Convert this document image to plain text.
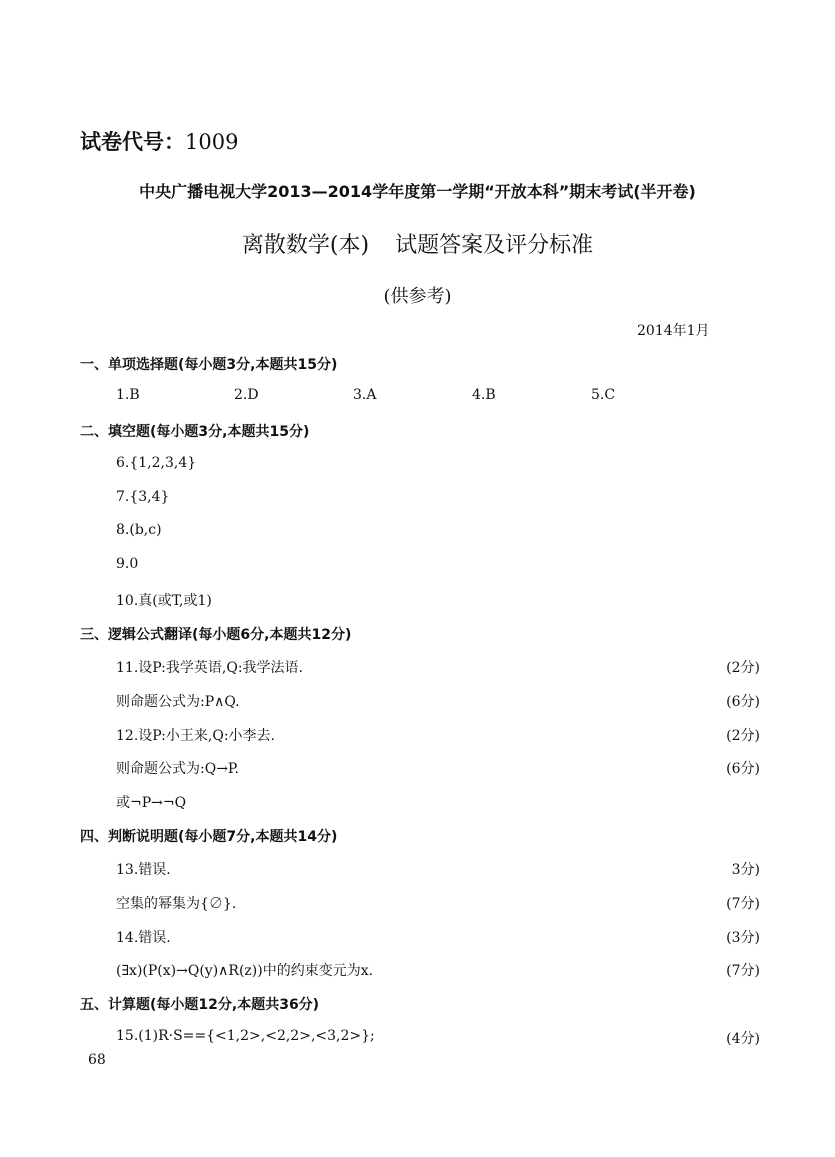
试卷代号：1009
中央广播电视大学2013—2014学年度第一学期“开放本科”期末考试(半开卷)
离散数学(本) 试题答案及评分标准
(供参考)
2014年1月
一、单项选择题(每小题3分,本题共15分)
1.B	2.D	3.A	4.B	5.C
二、填空题(每小题3分,本题共15分)
6.{1,2,3,4}
7.{3,4}
8.(b,c)
9.0
10.真(或T,或1)
三、逻辑公式翻译(每小题6分,本题共12分)
11.设P:我学英语,Q:我学法语.	(2分)
则命题公式为:P∧Q.	(6分)
12.设P:小王来,Q:小李去.	(2分)
则命题公式为:Q→P.	(6分)
或¬P→¬Q
四、判断说明题(每小题7分,本题共14分)
13.错误.	3分)
空集的幂集为{∅}.	(7分)
14.错误.	(3分)
(∃x)(P(x)→Q(y)∧R(z))中的约束变元为x.	(7分)
五、计算题(每小题12分,本题共36分)
15.(1)R·S=={<1,2>,<2,2>,<3,2>};	(4分)
68
